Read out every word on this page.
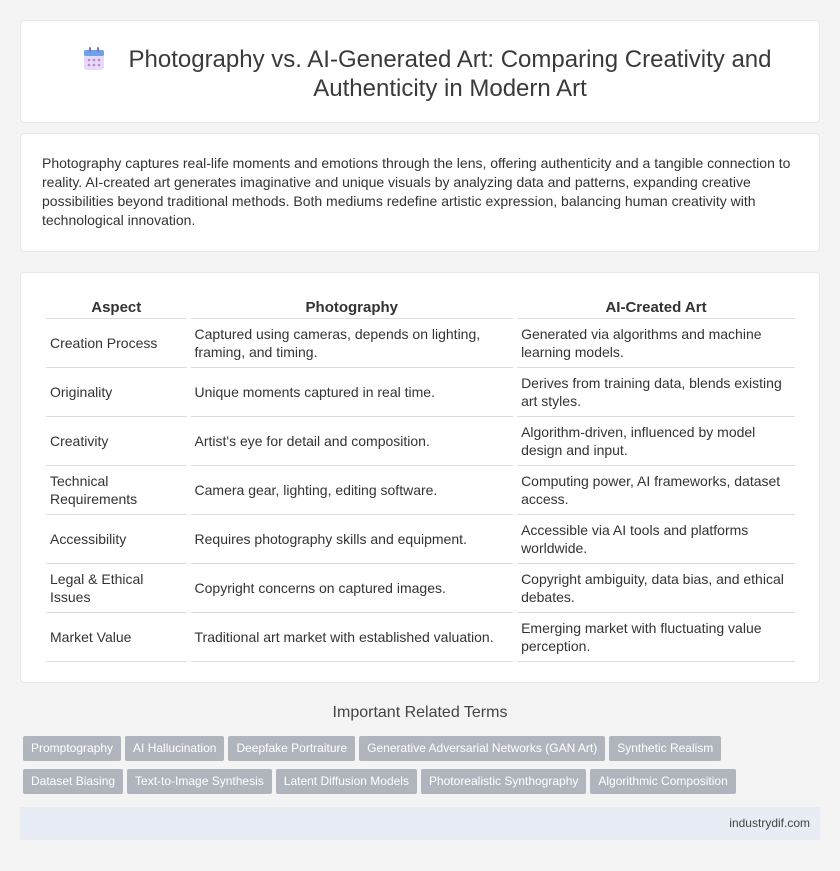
Photography vs. AI-Generated Art: Comparing Creativity and Authenticity in Modern Art

Photography captures real-life moments and emotions through the lens, offering authenticity and a tangible connection to reality. AI-created art generates imaginative and unique visuals by analyzing data and patterns, expanding creative possibilities beyond traditional methods. Both mediums redefine artistic expression, balancing human creativity with technological innovation.

Aspect	Photography	AI-Created Art
Creation Process	Captured using cameras, depends on lighting, framing, and timing.	Generated via algorithms and machine learning models.
Originality	Unique moments captured in real time.	Derives from training data, blends existing art styles.
Creativity	Artist's eye for detail and composition.	Algorithm-driven, influenced by model design and input.
Technical Requirements	Camera gear, lighting, editing software.	Computing power, AI frameworks, dataset access.
Accessibility	Requires photography skills and equipment.	Accessible via AI tools and platforms worldwide.
Legal & Ethical Issues	Copyright concerns on captured images.	Copyright ambiguity, data bias, and ethical debates.
Market Value	Traditional art market with established valuation.	Emerging market with fluctuating value perception.
Important Related Terms
Promptography AI Hallucination Deepfake Portraiture Generative Adversarial Networks (GAN Art) Synthetic Realism
Dataset Biasing Text-to-Image Synthesis Latent Diffusion Models Photorealistic Synthography Algorithmic Composition
industrydif.com
